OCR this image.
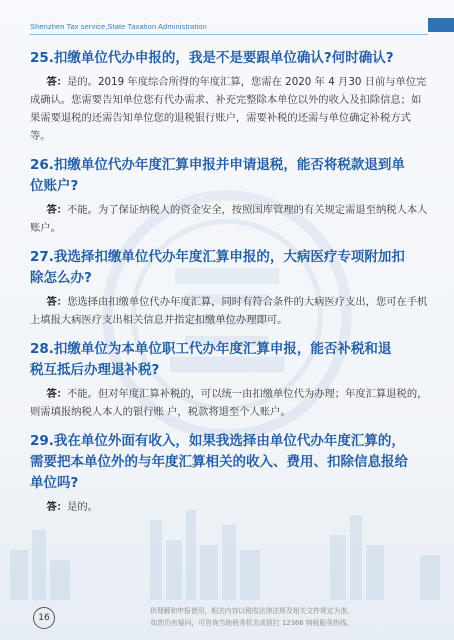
Shenzhen Tax service,State Taxation Administration

25.扣缴单位代办申报的，我是不是要跟单位确认?何时确认?

答：是的。2019 年度综合所得的年度汇算，您需在 2020 年 4 月30 日前与单位完成确认。您需要告知单位您有代办需求、补充完整除本单位以外的收入及扣除信息；如果需要退税的还需告知单位您的退税银行账户，需要补税的还需与单位确定补税方式等。

26.扣缴单位代办年度汇算申报并申请退税，能否将税款退到单
位账户?

答：不能。为了保证纳税人的资金安全，按照国库管理的有关规定需退至纳税人本人账户。

27.我选择扣缴单位代办年度汇算申报的，大病医疗专项附加扣
除怎么办?

答：您选择由扣缴单位代办年度汇算，同时有符合条件的大病医疗支出，您可在手机上填报大病医疗支出相关信息并指定扣缴单位办理即可。

28.扣缴单位为本单位职工代办年度汇算申报，能否补税和退
税互抵后办理退补税?

答：不能。但对年度汇算补税的，可以统一由扣缴单位代为办理；年度汇算退税的，则需填报纳税人本人的银行账 户，税款将退至个人账户。

29.我在单位外面有收入，如果我选择由单位代办年度汇算的，
需要把本单位外的与年度汇算相关的收入、费用、扣除信息报给
单位吗?

答：是的。

16
供理解和申报使用，相关内容以税收法律法规及相关文件规定为准。
如您仍有疑问，可咨询当地税务机关或拨打 12366 纳税服务热线。
